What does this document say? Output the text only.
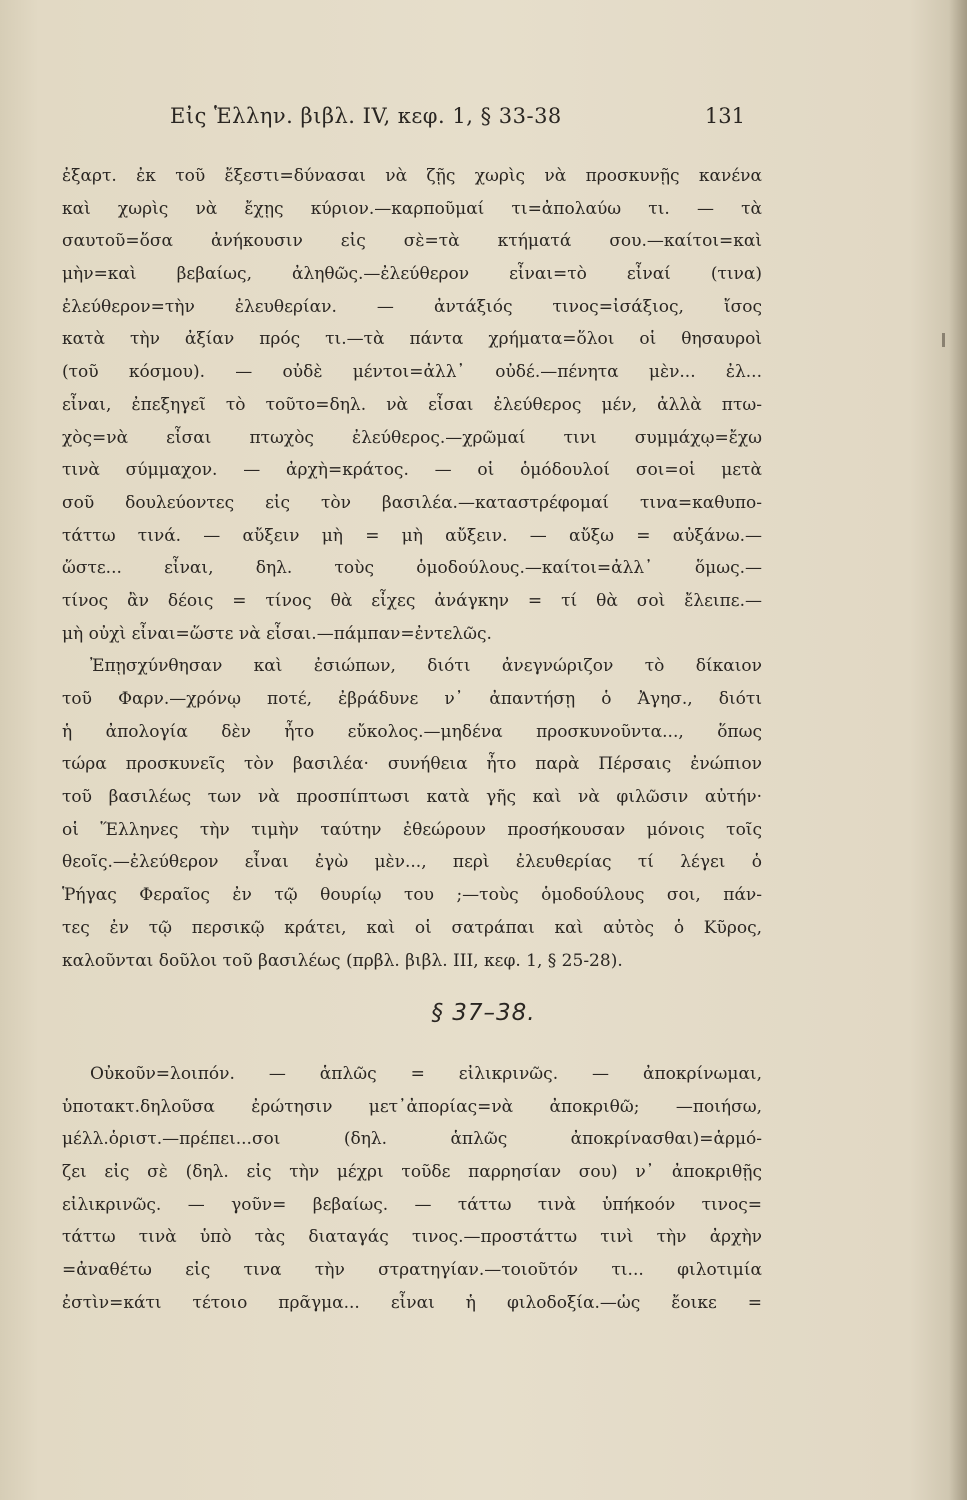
Εἰς Ἑλλην. βιβλ. IV, κεφ. 1, § 33-38	131
ἐξαρτ. ἐκ τοῦ ἔξεστι=δύνασαι νὰ ζῇς χωρὶς νὰ προσκυνῇς κανένα
καὶ χωρὶς νὰ ἔχῃς κύριον.—καρποῦμαί τι=ἀπολαύω τι. — τὰ
σαυτοῦ=ὅσα ἀνήκουσιν εἰς σὲ=τὰ κτήματά σου.—καίτοι=καὶ
μὴν=καὶ βεβαίως, ἀληθῶς.—ἐλεύθερον εἶναι=τὸ εἶναί (τινα)
ἐλεύθερον=τὴν ἐλευθερίαν. — ἀντάξιός τινος=ἰσάξιος, ἴσος
κατὰ τὴν ἀξίαν πρός τι.—τὰ πάντα χρήματα=ὅλοι οἱ θησαυροὶ
(τοῦ κόσμου). — οὐδὲ μέντοι=ἀλλ᾽ οὐδέ.—πένητα μὲν... ἐλ...
εἶναι, ἐπεξηγεῖ τὸ τοῦτο=δηλ. νὰ εἶσαι ἐλεύθερος μέν, ἀλλὰ πτω-
χὸς=νὰ εἶσαι πτωχὸς ἐλεύθερος.—χρῶμαί τινι συμμάχῳ=ἔχω
τινὰ σύμμαχον. — ἀρχὴ=κράτος. — οἱ ὁμόδουλοί σοι=οἱ μετὰ
σοῦ δουλεύοντες εἰς τὸν βασιλέα.—καταστρέφομαί τινα=καθυπο-
τάττω τινά. — αὔξειν μὴ = μὴ αὔξειν. — αὔξω = αὐξάνω.—
ὥστε... εἶναι, δηλ. τοὺς ὁμοδούλους.—καίτοι=ἀλλ᾽ ὅμως.—
τίνος ἂν δέοις = τίνος θὰ εἶχες ἀνάγκην = τί θὰ σοὶ ἔλειπε.—
μὴ οὐχὶ εἶναι=ὥστε νὰ εἶσαι.—πάμπαν=ἐντελῶς.
Ἐπῃσχύνθησαν καὶ ἐσιώπων, διότι ἀνεγνώριζον τὸ δίκαιον
τοῦ Φαρν.—χρόνῳ ποτέ, ἐβράδυνε ν᾽ ἀπαντήσῃ ὁ Ἀγησ., διότι
ἡ ἀπολογία δὲν ἦτο εὔκολος.—μηδένα προσκυνοῦντα..., ὅπως
τώρα προσκυνεῖς τὸν βασιλέα· συνήθεια ἦτο παρὰ Πέρσαις ἐνώπιον
τοῦ βασιλέως των νὰ προσπίπτωσι κατὰ γῆς καὶ νὰ φιλῶσιν αὐτήν·
οἱ Ἕλληνες τὴν τιμὴν ταύτην ἐθεώρουν προσήκουσαν μόνοις τοῖς
θεοῖς.—ἐλεύθερον εἶναι ἐγὼ μὲν..., περὶ ἐλευθερίας τί λέγει ὁ
Ῥήγας Φεραῖος ἐν τῷ θουρίῳ του ;—τοὺς ὁμοδούλους σοι, πάν-
τες ἐν τῷ περσικῷ κράτει, καὶ οἱ σατράπαι καὶ αὐτὸς ὁ Κῦρος,
καλοῦνται δοῦλοι τοῦ βασιλέως (πρβλ. βιβλ. III, κεφ. 1, § 25-28).
§ 37–38.
Οὐκοῦν=λοιπόν. — ἁπλῶς = εἰλικρινῶς. — ἀποκρίνωμαι,
ὑποτακτ.δηλοῦσα ἐρώτησιν μετ᾽ἀπορίας=νὰ ἀποκριθῶ; —ποιήσω,
μέλλ.ὁριστ.—πρέπει...σοι (δηλ. ἁπλῶς ἀποκρίνασθαι)=ἁρμό-
ζει εἰς σὲ (δηλ. εἰς τὴν μέχρι τοῦδε παρρησίαν σου) ν᾽ ἀποκριθῇς
εἰλικρινῶς. — γοῦν= βεβαίως. — τάττω τινὰ ὑπήκοόν τινος=
τάττω τινὰ ὑπὸ τὰς διαταγάς τινος.—προστάττω τινὶ τὴν ἀρχὴν
=ἀναθέτω εἰς τινα τὴν στρατηγίαν.—τοιοῦτόν τι... φιλοτιμία
ἐστὶν=κάτι τέτοιο πρᾶγμα... εἶναι ἡ φιλοδοξία.—ὡς ἔοικε =
